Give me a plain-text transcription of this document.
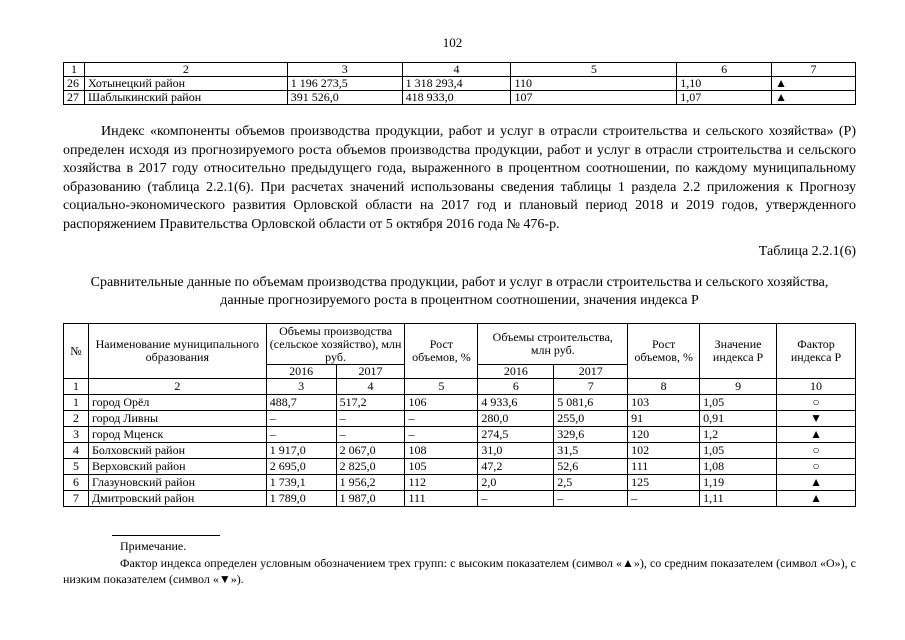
102
1	2	3	4	5	6	7
26	Хотынецкий район	1 196 273,5	1 318 293,4	110	1,10	▲
27	Шаблыкинский район	391 526,0	418 933,0	107	1,07	▲

Индекс «компоненты объемов производства продукции, работ и услуг в отрасли строительства и сельского хозяйства» (Р) определен исходя из прогнозируемого роста объемов производства продукции, работ и услуг в отрасли строительства и сельского хозяйства в 2017 году относительно предыдущего года, выраженного в процентном соотношении, по каждому муниципальному образованию (таблица 2.2.1(6). При расчетах значений использованы сведения таблицы 1 раздела 2.2 приложения к Прогнозу социально-экономического развития Орловской области на 2017 год и плановый период 2018 и 2019 годов, утвержденного распоряжением Правительства Орловской области от 5 октября 2016 года № 476-р.

Таблица 2.2.1(6)

Сравнительные данные по объемам производства продукции, работ и услуг в отрасли строительства и сельского хозяйства,

данные прогнозируемого роста в процентном соотношении, значения индекса Р

№	Наименование муниципального образования	Объемы производства (сельское хозяйство), млн руб.		Рост объемов, %	Объемы строительства, млн руб.		Рост объемов, %	Значение индекса Р	Фактор индекса Р
		2016	2017		2016	2017			
1	2	3	4	5	6	7	8	9	10
1	город Орёл	488,7	517,2	106	4 933,6	5 081,6	103	1,05	○
2	город Ливны	–	–	–	280,0	255,0	91	0,91	▼
3	город Мценск	–	–	–	274,5	329,6	120	1,2	▲
4	Болховский район	1 917,0	2 067,0	108	31,0	31,5	102	1,05	○
5	Верховский район	2 695,0	2 825,0	105	47,2	52,6	111	1,08	○
6	Глазуновский район	1 739,1	1 956,2	112	2,0	2,5	125	1,19	▲
7	Дмитровский район	1 789,0	1 987,0	111	–	–	–	1,11	▲
Примечание.

Фактор индекса определен условным обозначением трех групп: с высоким показателем (символ «▲»), со средним показателем (символ «О»), с низким показателем (символ «▼»).
